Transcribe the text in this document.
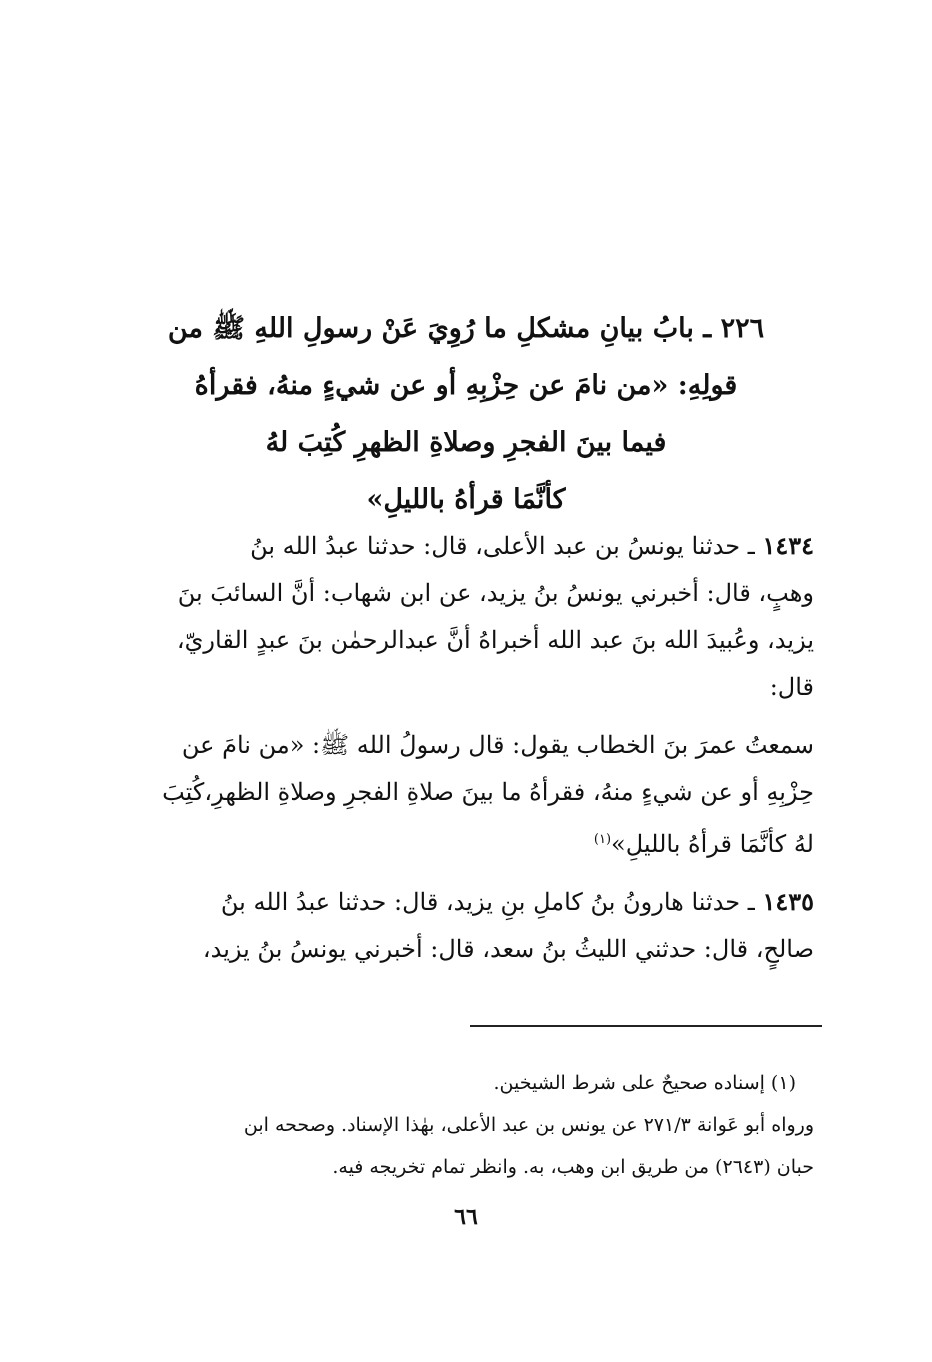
٢٢٦ ـ بابُ بيانِ مشكلِ ما رُوِيَ عَنْ رسولِ اللهِ ﷺ من
قولِهِ: «من نامَ عن حِزْبِهِ أو عن شيءٍ منهُ، فقرأهُ
فيما بينَ الفجرِ وصلاةِ الظهرِ كُتِبَ لهُ
كأنَّمَا قرأهُ بالليلِ»
١٤٣٤ ـ حدثنا يونسُ بن عبد الأعلى، قال: حدثنا عبدُ الله بنُ
وهبٍ، قال: أخبرني يونسُ بنُ يزيد، عن ابن شهاب: أنَّ السائبَ بنَ
يزيد، وعُبيدَ الله بنَ عبد الله أخبراهُ أنَّ عبدالرحمٰن بنَ عبدٍ القاريّ،
قال:
سمعتُ عمرَ بنَ الخطاب يقول: قال رسولُ الله ﷺ: «من نامَ عن
حِزْبِهِ أو عن شيءٍ منهُ، فقرأهُ ما بينَ صلاةِ الفجرِ وصلاةِ الظهرِ،كُتِبَ
لهُ كأنَّمَا قرأهُ بالليلِ»$^{(١)}$
١٤٣٥ ـ حدثنا هارونُ بنُ كاملِ بنِ يزيد، قال: حدثنا عبدُ الله بنُ
صالحٍ، قال: حدثني الليثُ بنُ سعد، قال: أخبرني يونسُ بنُ يزيد،
(١) إسناده صحيحٌ على شرط الشيخين.
ورواه أبو عَوانة ٢٧١/٣ عن يونس بن عبد الأعلى، بهٰذا الإسناد. وصححه ابن
حبان (٢٦٤٣) من طريق ابن وهب، به. وانظر تمام تخريجه فيه.
٦٦
